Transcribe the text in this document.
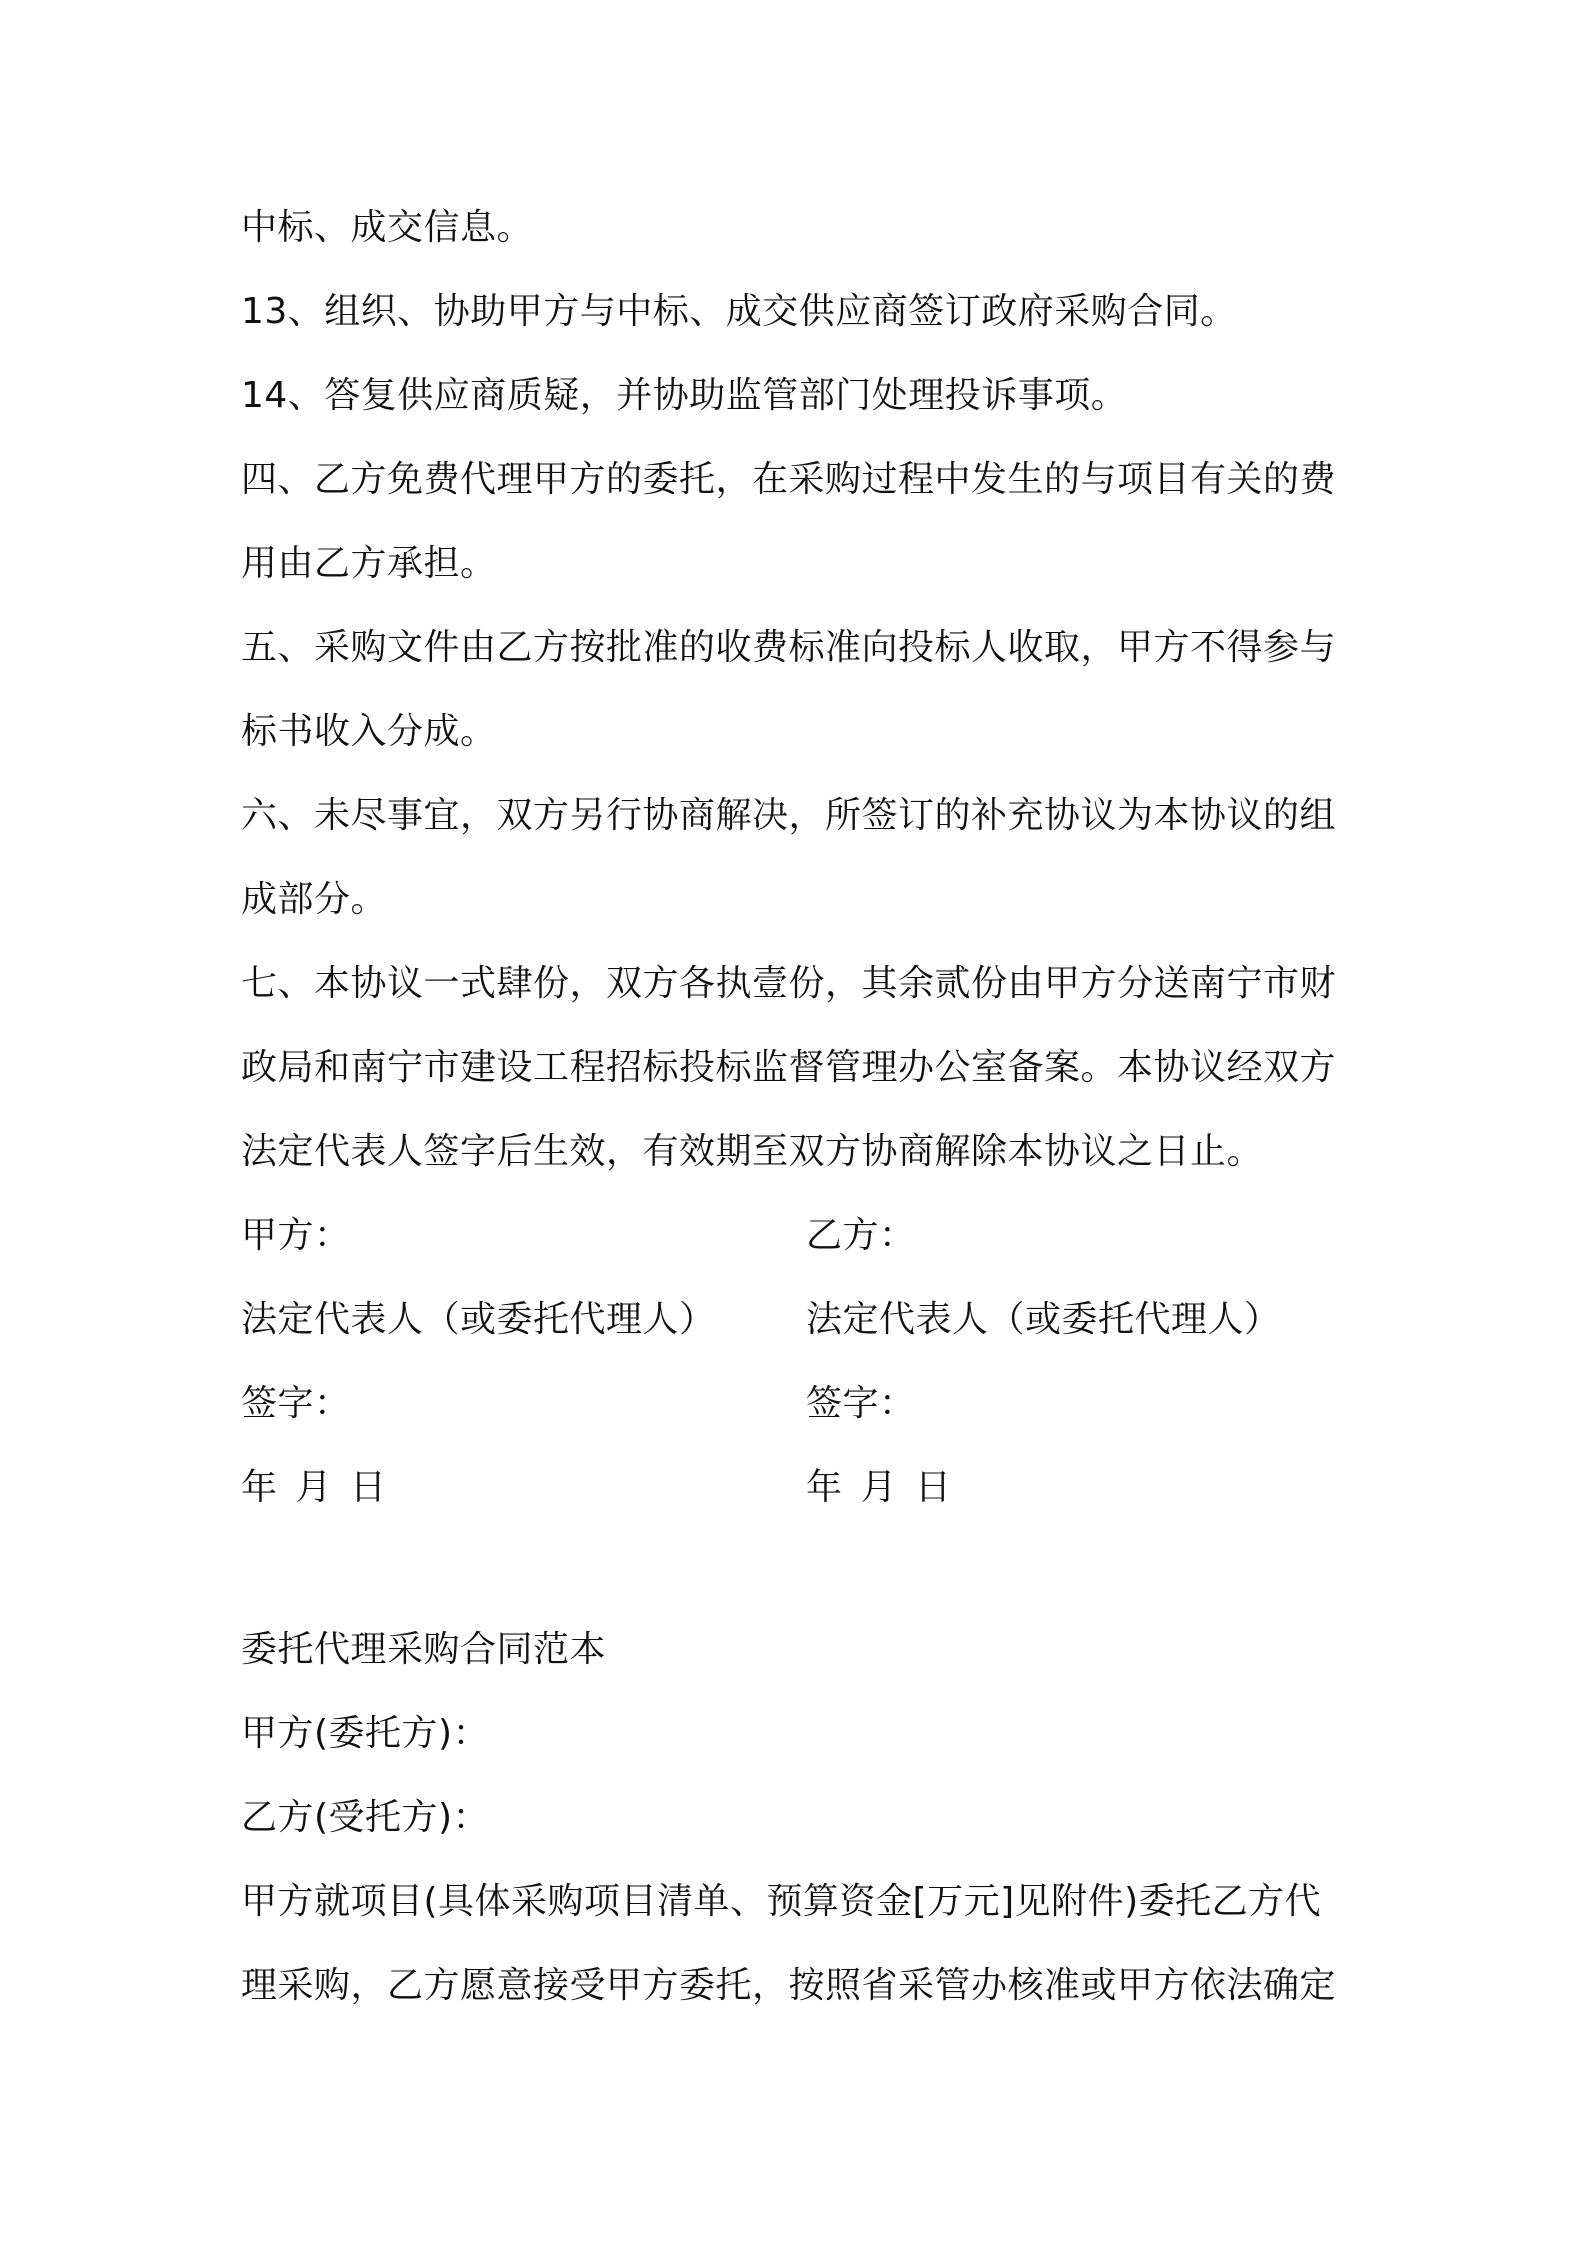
中标、成交信息。
13、组织、协助甲方与中标、成交供应商签订政府采购合同。
14、答复供应商质疑，并协助监管部门处理投诉事项。
四、乙方免费代理甲方的委托，在采购过程中发生的与项目有关的费
用由乙方承担。
五、采购文件由乙方按批准的收费标准向投标人收取，甲方不得参与
标书收入分成。
六、未尽事宜，双方另行协商解决，所签订的补充协议为本协议的组
成部分。
七、本协议一式肆份，双方各执壹份，其余贰份由甲方分送南宁市财
政局和南宁市建设工程招标投标监督管理办公室备案。本协议经双方
法定代表人签字后生效，有效期至双方协商解除本协议之日止。
甲方：
法定代表人（或委托代理人）
签字：
年 月 日
乙方：
法定代表人（或委托代理人）
签字：
年 月 日
委托代理采购合同范本
甲方(委托方)：
乙方(受托方)：
甲方就项目(具体采购项目清单、预算资金[万元]见附件)委托乙方代
理采购，乙方愿意接受甲方委托，按照省采管办核准或甲方依法确定
